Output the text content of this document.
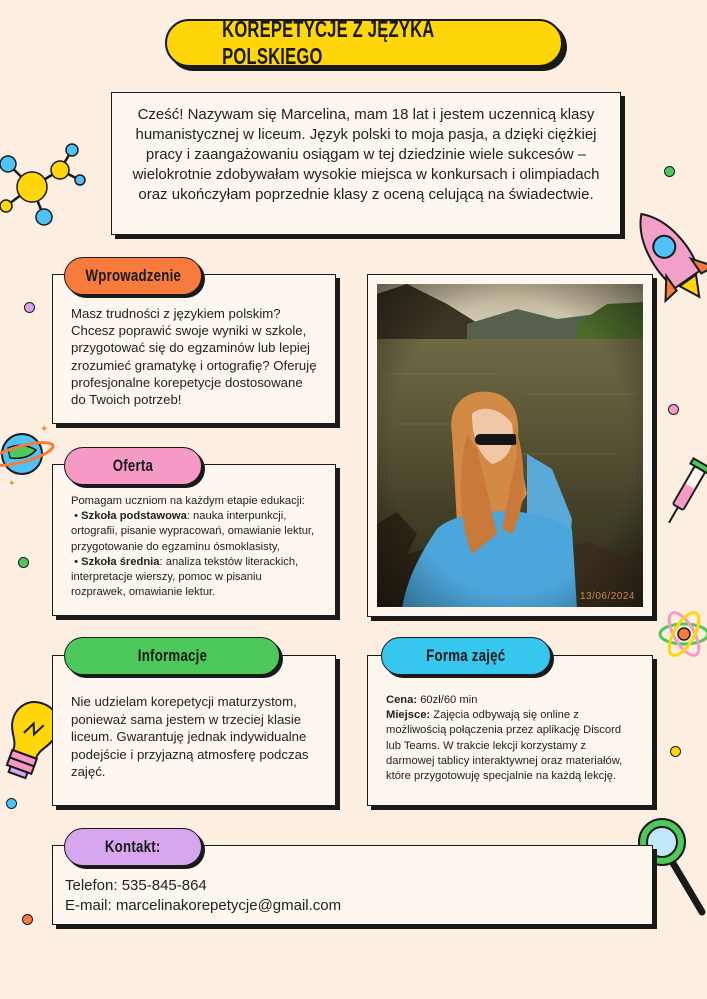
✦
✦
KOREPETYCJE Z JĘZYKA POLSKIEGO

Cześć! Nazywam się Marcelina, mam 18 lat i jestem uczennicą klasy humanistycznej w liceum. Język polski to moja pasja, a dzięki ciężkiej pracy i zaangażowaniu osiągam w tej dziedzinie wiele sukcesów – wielokrotnie zdobywałam wysokie miejsca w konkursach i olimpiadach oraz ukończyłam poprzednie klasy z oceną celującą na świadectwie.

Masz trudności z językiem polskim? Chcesz poprawić swoje wyniki w szkole, przygotować się do egzaminów lub lepiej zrozumieć gramatykę i ortografię? Oferuję profesjonalne korepetycje dostosowane do Twoich potrzeb!

Wprowadzenie
13/06/2024

Pomagam uczniom na każdym etapie edukacji:

• Szkoła podstawowa: nauka interpunkcji, ortografii, pisanie wypracowań, omawianie lektur, przygotowanie do egzaminu ósmoklasisty,

• Szkoła średnia: analiza tekstów literackich, interpretacje wierszy, pomoc w pisaniu rozprawek, omawianie lektur.

Oferta

Nie udzielam korepetycji maturzystom, ponieważ sama jestem w trzeciej klasie liceum. Gwarantuję jednak indywidualne podejście i przyjazną atmosferę podczas zajęć.

Informacje

Cena: 60zł/60 min

Miejsce: Zajęcia odbywają się online z możliwością połączenia przez aplikację Discord lub Teams. W trakcie lekcji korzystamy z darmowej tablicy interaktywnej oraz materiałów, które przygotowuję specjalnie na każdą lekcję.

Forma zajęć

Telefon: 535-845-864

E-mail: marcelinakorepetycje@gmail.com

Kontakt:
